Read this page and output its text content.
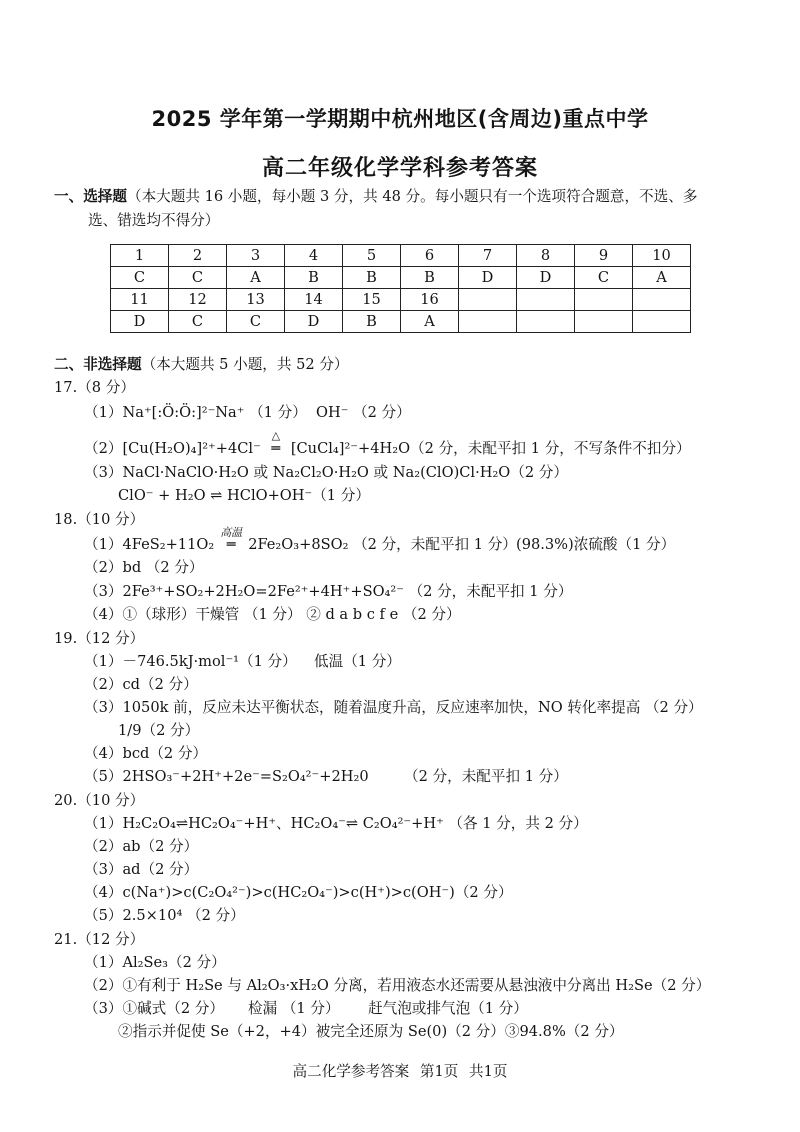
2025 学年第一学期期中杭州地区(含周边)重点中学
高二年级化学学科参考答案
一、选择题（本大题共 16 小题，每小题 3 分，共 48 分。每小题只有一个选项符合题意，不选、多
选、错选均不得分）
1	2	3	4	5	6	7	8	9	10
C	C	A	B	B	B	D	D	C	A
11	12	13	14	15	16				
D	C	C	D	B	A				
二、非选择题（本大题共 5 小题，共 52 分）
17.（8 分）
（1）Na⁺[:Ö:Ö:]²⁻Na⁺ （1 分） OH⁻ （2 分）
（2）[Cu(H₂O)₄]²⁺+4Cl⁻
△
═ [CuCl₄]²⁻+4H₂O（2 分，未配平扣 1 分，不写条件不扣分）
（3）NaCl·NaClO·H₂O 或 Na₂Cl₂O·H₂O 或 Na₂(ClO)Cl·H₂O（2 分）
ClO⁻ + H₂O ⇌ HClO+OH⁻（1 分）
18.（10 分）
（1）4FeS₂+11O₂
高温
═ 2Fe₂O₃+8SO₂ （2 分，未配平扣 1 分） (98.3%)浓硫酸（1 分）
（2）bd （2 分）
（3）2Fe³⁺+SO₂+2H₂O=2Fe²⁺+4H⁺+SO₄²⁻ （2 分，未配平扣 1 分）
（4）①（球形）干燥管 （1 分） ② d a b c f e （2 分）
19.（12 分）
（1）－746.5kJ·mol⁻¹（1 分） 低温（1 分）
（2）cd（2 分）
（3）1050k 前，反应未达平衡状态，随着温度升高，反应速率加快，NO 转化率提高 （2 分）
1/9（2 分）
（4）bcd（2 分）
（5）2HSO₃⁻+2H⁺+2e⁻=S₂O₄²⁻+2H₂0 （2 分，未配平扣 1 分）
20.（10 分）
（1）H₂C₂O₄⇌HC₂O₄⁻+H⁺、HC₂O₄⁻⇌ C₂O₄²⁻+H⁺ （各 1 分，共 2 分）
（2）ab（2 分）
（3）ad（2 分）
（4）c(Na⁺)>c(C₂O₄²⁻)>c(HC₂O₄⁻)>c(H⁺)>c(OH⁻)（2 分）
（5）2.5×10⁴ （2 分）
21.（12 分）
（1）Al₂Se₃（2 分）
（2）①有利于 H₂Se 与 Al₂O₃·xH₂O 分离，若用液态水还需要从悬浊液中分离出 H₂Se（2 分）
（3）①碱式（2 分） 检漏 （1 分） 赶气泡或排气泡（1 分）
②指示并促使 Se（+2，+4）被完全还原为 Se(0)（2 分）③94.8%（2 分）
高二化学参考答案 第1页 共1页
